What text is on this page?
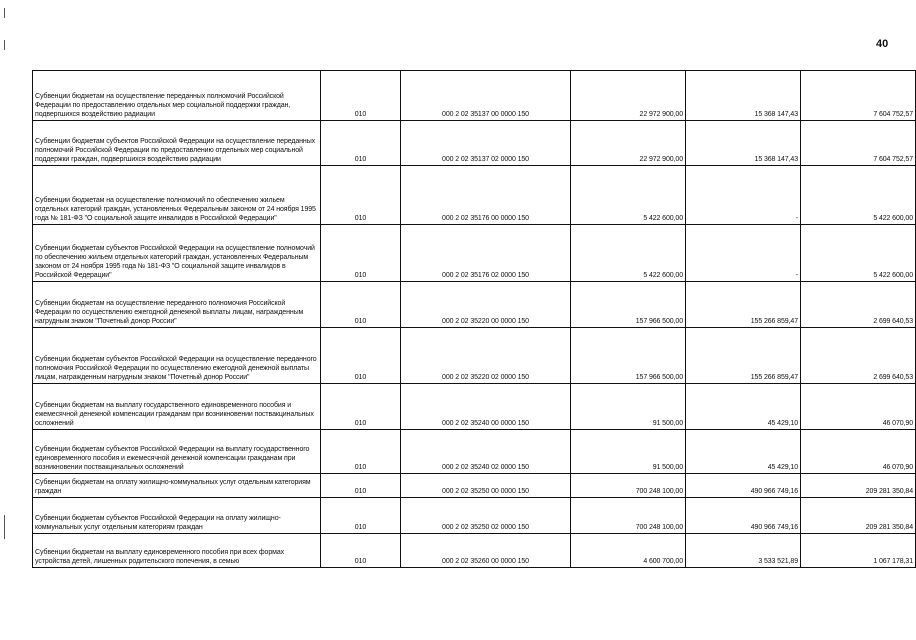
40
Субвенции бюджетам на осуществление переданных полномочий Российской Федерации по предоставлению отдельных мер социальной поддержки граждан, подвергшихся воздействию радиации	010	000 2 02 35137 00 0000 150	22 972 900,00	15 368 147,43	7 604 752,57
Субвенции бюджетам субъектов Российской Федерации на осуществление переданных полномочий Российской Федерации по предоставлению отдельных мер социальной поддержки граждан, подвергшихся воздействию радиации	010	000 2 02 35137 02 0000 150	22 972 900,00	15 368 147,43	7 604 752,57
Субвенции бюджетам на осуществление полномочий по обеспечению жильем отдельных категорий граждан, установленных Федеральным законом от 24 ноября 1995 года № 181-ФЗ "О социальной защите инвалидов в Российской Федерации"	010	000 2 02 35176 00 0000 150	5 422 600,00	-	5 422 600,00
Субвенции бюджетам субъектов Российской Федерации на осуществление полномочий по обеспечению жильем отдельных категорий граждан, установленных Федеральным законом от 24 ноября 1995 года № 181-ФЗ "О социальной защите инвалидов в Российской Федерации"	010	000 2 02 35176 02 0000 150	5 422 600,00	-	5 422 600,00
Субвенции бюджетам на осуществление переданного полномочия Российской Федерации по осуществлению ежегодной денежной выплаты лицам, награжденным нагрудным знаком "Почетный донор России"	010	000 2 02 35220 00 0000 150	157 966 500,00	155 266 859,47	2 699 640,53
Субвенции бюджетам субъектов Российской Федерации на осуществление переданного полномочия Российской Федерации по осуществлению ежегодной денежной выплаты лицам, награжденным нагрудным знаком "Почетный донор России"	010	000 2 02 35220 02 0000 150	157 966 500,00	155 266 859,47	2 699 640,53
Субвенции бюджетам на выплату государственного единовременного пособия и ежемесячной денежной компенсации гражданам при возникновении поствакцинальных осложнений	010	000 2 02 35240 00 0000 150	91 500,00	45 429,10	46 070,90
Субвенции бюджетам субъектов Российской Федерации на выплату государственного единовременного пособия и ежемесячной денежной компенсации гражданам при возникновении поствакцинальных осложнений	010	000 2 02 35240 02 0000 150	91 500,00	45 429,10	46 070,90
Субвенции бюджетам на оплату жилищно-коммунальных услуг отдельным категориям граждан	010	000 2 02 35250 00 0000 150	700 248 100,00	490 966 749,16	209 281 350,84
Субвенции бюджетам субъектов Российской Федерации на оплату жилищно-коммунальных услуг отдельным категориям граждан	010	000 2 02 35250 02 0000 150	700 248 100,00	490 966 749,16	209 281 350,84
Субвенции бюджетам на выплату единовременного пособия при всех формах устройства детей, лишенных родительского попечения, в семью	010	000 2 02 35260 00 0000 150	4 600 700,00	3 533 521,89	1 067 178,31
